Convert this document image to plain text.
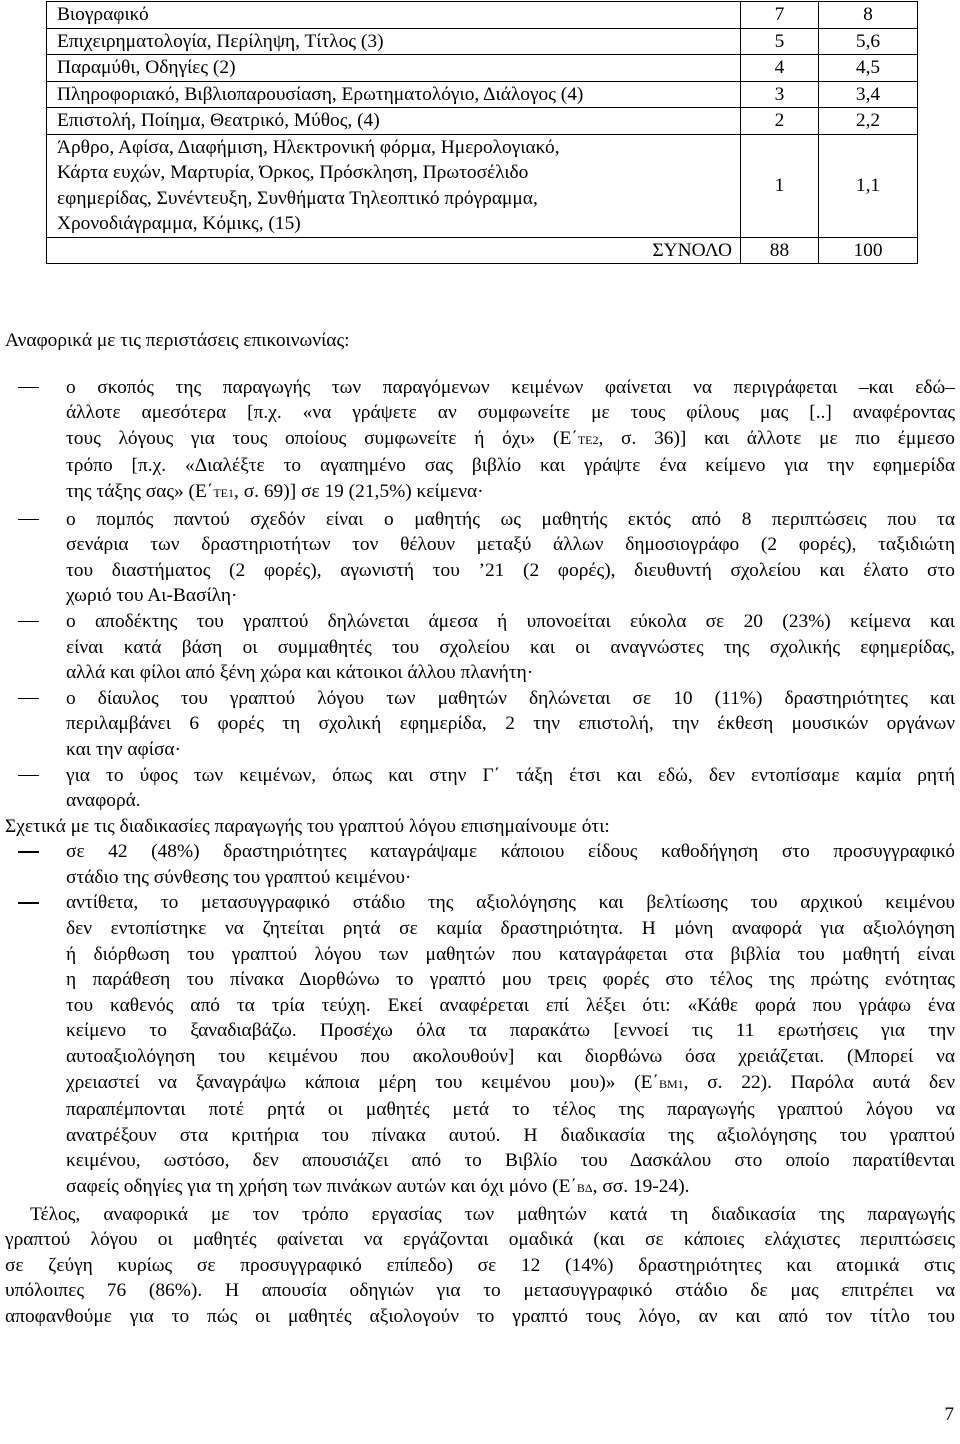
Βιογραφικό	7	8
Επιχειρηματολογία, Περίληψη, Τίτλος (3)	5	5,6
Παραμύθι, Οδηγίες (2)	4	4,5
Πληροφοριακό, Βιβλιοπαρουσίαση, Ερωτηματολόγιο, Διάλογος (4)	3	3,4
Επιστολή, Ποίημα, Θεατρικό, Μύθος, (4)	2	2,2

Άρθρο, Αφίσα, Διαφήμιση, Ηλεκτρονική φόρμα, Ημερολογιακό,
Κάρτα ευχών, Μαρτυρία, Όρκος, Πρόσκληση, Πρωτοσέλιδο
εφημερίδας, Συνέντευξη, Συνθήματα Τηλεοπτικό πρόγραμμα,
Χρονοδιάγραμμα, Κόμικς, (15)	1	1,1
ΣΥΝΟΛΟ	88	100
Αναφορικά με τις περιστάσεις επικοινωνίας:
ο σκοπός της παραγωγής των παραγόμενων κειμένων φαίνεται να περιγράφεται –και εδώ–
άλλοτε αμεσότερα [π.χ. «να γράψετε αν συμφωνείτε με τους φίλους μας [..] αναφέροντας
τους λόγους για τους οποίους συμφωνείτε ή όχι» (Ε΄ΤΕ2, σ. 36)] και άλλοτε με πιο έμμεσο
τρόπο [π.χ. «Διαλέξτε το αγαπημένο σας βιβλίο και γράψτε ένα κείμενο για την εφημερίδα
της τάξης σας» (Ε΄ΤΕ1, σ. 69)] σε 19 (21,5%) κείμενα·
ο πομπός παντού σχεδόν είναι ο μαθητής ως μαθητής εκτός από 8 περιπτώσεις που τα
σενάρια των δραστηριοτήτων τον θέλουν μεταξύ άλλων δημοσιογράφο (2 φορές), ταξιδιώτη
του διαστήματος (2 φορές), αγωνιστή του ’21 (2 φορές), διευθυντή σχολείου και έλατο στο
χωριό του Αι-Βασίλη·
ο αποδέκτης του γραπτού δηλώνεται άμεσα ή υπονοείται εύκολα σε 20 (23%) κείμενα και
είναι κατά βάση οι συμμαθητές του σχολείου και οι αναγνώστες της σχολικής εφημερίδας,
αλλά και φίλοι από ξένη χώρα και κάτοικοι άλλου πλανήτη·
ο δίαυλος του γραπτού λόγου των μαθητών δηλώνεται σε 10 (11%) δραστηριότητες και
περιλαμβάνει 6 φορές τη σχολική εφημερίδα, 2 την επιστολή, την έκθεση μουσικών οργάνων
και την αφίσα·
για το ύφος των κειμένων, όπως και στην Γ΄ τάξη έτσι και εδώ, δεν εντοπίσαμε καμία ρητή
αναφορά.
Σχετικά με τις διαδικασίες παραγωγής του γραπτού λόγου επισημαίνουμε ότι:
σε 42 (48%) δραστηριότητες καταγράψαμε κάποιου είδους καθοδήγηση στο προσυγγραφικό
στάδιο της σύνθεσης του γραπτού κειμένου·
αντίθετα, το μετασυγγραφικό στάδιο της αξιολόγησης και βελτίωσης του αρχικού κειμένου
δεν εντοπίστηκε να ζητείται ρητά σε καμία δραστηριότητα. Η μόνη αναφορά για αξιολόγηση
ή διόρθωση του γραπτού λόγου των μαθητών που καταγράφεται στα βιβλία του μαθητή είναι
η παράθεση του πίνακα Διορθώνω το γραπτό μου τρεις φορές στο τέλος της πρώτης ενότητας
του καθενός από τα τρία τεύχη. Εκεί αναφέρεται επί λέξει ότι: «Κάθε φορά που γράφω ένα
κείμενο το ξαναδιαβάζω. Προσέχω όλα τα παρακάτω [εννοεί τις 11 ερωτήσεις για την
αυτοαξιολόγηση του κειμένου που ακολουθούν] και διορθώνω όσα χρειάζεται. (Μπορεί να
χρειαστεί να ξαναγράψω κάποια μέρη του κειμένου μου)» (Ε΄ΒΜ1, σ. 22). Παρόλα αυτά δεν
παραπέμπονται ποτέ ρητά οι μαθητές μετά το τέλος της παραγωγής γραπτού λόγου να
ανατρέξουν στα κριτήρια του πίνακα αυτού. Η διαδικασία της αξιολόγησης του γραπτού
κειμένου, ωστόσο, δεν απουσιάζει από το Βιβλίο του Δασκάλου στο οποίο παρατίθενται
σαφείς οδηγίες για τη χρήση των πινάκων αυτών και όχι μόνο (Ε΄ΒΔ, σσ. 19-24).
Τέλος, αναφορικά με τον τρόπο εργασίας των μαθητών κατά τη διαδικασία της παραγωγής
γραπτού λόγου οι μαθητές φαίνεται να εργάζονται ομαδικά (και σε κάποιες ελάχιστες περιπτώσεις
σε ζεύγη κυρίως σε προσυγγραφικό επίπεδο) σε 12 (14%) δραστηριότητες και ατομικά στις
υπόλοιπες 76 (86%). Η απουσία οδηγιών για το μετασυγγραφικό στάδιο δε μας επιτρέπει να
αποφανθούμε για το πώς οι μαθητές αξιολογούν το γραπτό τους λόγο, αν και από τον τίτλο του
7
